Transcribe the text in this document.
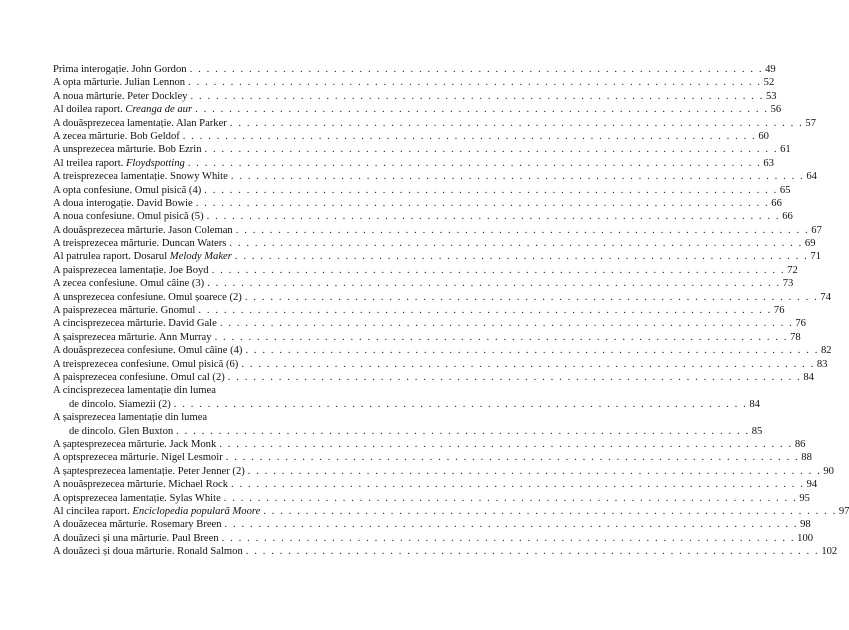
Prima interogație. John Gordon . . . . . . . . . . . . . . . . . . . . . . . . . . . . . . . . . . . . . . . . . . . . . . . . . . . . . . . . . . . . . . . . . . . . 49
A opta mărturie. Julian Lennon . . . . . . . . . . . . . . . . . . . . . . . . . . . . . . . . . . . . . . . . . . . . . . . . . . . . . . . . . . . . . . . . . . . . 52
A noua mărturie. Peter Dockley . . . . . . . . . . . . . . . . . . . . . . . . . . . . . . . . . . . . . . . . . . . . . . . . . . . . . . . . . . . . . . . . . . . . 53
Al doilea raport. Creanga de aur . . . . . . . . . . . . . . . . . . . . . . . . . . . . . . . . . . . . . . . . . . . . . . . . . . . . . . . . . . . . . . . . . . . . 56
A douăsprezecea lamentație. Alan Parker . . . . . . . . . . . . . . . . . . . . . . . . . . . . . . . . . . . . . . . . . . . . . . . . . . . . . . . . . . . . . . . . . . . . 57
A zecea mărturie. Bob Geldof . . . . . . . . . . . . . . . . . . . . . . . . . . . . . . . . . . . . . . . . . . . . . . . . . . . . . . . . . . . . . . . . . . . . 60
A unsprezecea mărturie. Bob Ezrin . . . . . . . . . . . . . . . . . . . . . . . . . . . . . . . . . . . . . . . . . . . . . . . . . . . . . . . . . . . . . . . . . . . . 61
Al treilea raport. Floydspotting . . . . . . . . . . . . . . . . . . . . . . . . . . . . . . . . . . . . . . . . . . . . . . . . . . . . . . . . . . . . . . . . . . . . 63
A treisprezecea lamentație. Snowy White . . . . . . . . . . . . . . . . . . . . . . . . . . . . . . . . . . . . . . . . . . . . . . . . . . . . . . . . . . . . . . . . . . . . 64
A opta confesiune. Omul pisică (4) . . . . . . . . . . . . . . . . . . . . . . . . . . . . . . . . . . . . . . . . . . . . . . . . . . . . . . . . . . . . . . . . . . . . 65
A doua interogație. David Bowie . . . . . . . . . . . . . . . . . . . . . . . . . . . . . . . . . . . . . . . . . . . . . . . . . . . . . . . . . . . . . . . . . . . . 66
A noua confesiune. Omul pisică (5) . . . . . . . . . . . . . . . . . . . . . . . . . . . . . . . . . . . . . . . . . . . . . . . . . . . . . . . . . . . . . . . . . . . . 66
A douăsprezecea mărturie. Jason Coleman . . . . . . . . . . . . . . . . . . . . . . . . . . . . . . . . . . . . . . . . . . . . . . . . . . . . . . . . . . . . . . . . . . . . 67
A treisprezecea mărturie. Duncan Waters . . . . . . . . . . . . . . . . . . . . . . . . . . . . . . . . . . . . . . . . . . . . . . . . . . . . . . . . . . . . . . . . . . . . 69
Al patrulea raport. Dosarul Melody Maker . . . . . . . . . . . . . . . . . . . . . . . . . . . . . . . . . . . . . . . . . . . . . . . . . . . . . . . . . . . . . . . . . . . . 71
A paisprezecea lamentație. Joe Boyd . . . . . . . . . . . . . . . . . . . . . . . . . . . . . . . . . . . . . . . . . . . . . . . . . . . . . . . . . . . . . . . . . . . . 72
A zecea confesiune. Omul câine (3) . . . . . . . . . . . . . . . . . . . . . . . . . . . . . . . . . . . . . . . . . . . . . . . . . . . . . . . . . . . . . . . . . . . . 73
A unsprezecea confesiune. Omul șoarece (2) . . . . . . . . . . . . . . . . . . . . . . . . . . . . . . . . . . . . . . . . . . . . . . . . . . . . . . . . . . . . . . . . . . . . 74
A paisprezecea mărturie. Gnomul . . . . . . . . . . . . . . . . . . . . . . . . . . . . . . . . . . . . . . . . . . . . . . . . . . . . . . . . . . . . . . . . . . . . 76
A cincisprezecea mărturie. David Gale . . . . . . . . . . . . . . . . . . . . . . . . . . . . . . . . . . . . . . . . . . . . . . . . . . . . . . . . . . . . . . . . . . . . 76
A șaisprezecea mărturie. Ann Murray . . . . . . . . . . . . . . . . . . . . . . . . . . . . . . . . . . . . . . . . . . . . . . . . . . . . . . . . . . . . . . . . . . . . 78
A douăsprezecea confesiune. Omul câine (4) . . . . . . . . . . . . . . . . . . . . . . . . . . . . . . . . . . . . . . . . . . . . . . . . . . . . . . . . . . . . . . . . . . . . 82
A treisprezecea confesiune. Omul pisică (6) . . . . . . . . . . . . . . . . . . . . . . . . . . . . . . . . . . . . . . . . . . . . . . . . . . . . . . . . . . . . . . . . . . . . 83
A paisprezecea confesiune. Omul cal (2) . . . . . . . . . . . . . . . . . . . . . . . . . . . . . . . . . . . . . . . . . . . . . . . . . . . . . . . . . . . . . . . . . . . . 84
A cincisprezecea lamentație din lumea
de dincolo. Siamezii (2) . . . . . . . . . . . . . . . . . . . . . . . . . . . . . . . . . . . . . . . . . . . . . . . . . . . . . . . . . . . . . . . . . . . . 84
A șaisprezecea lamentație din lumea
de dincolo. Glen Buxton . . . . . . . . . . . . . . . . . . . . . . . . . . . . . . . . . . . . . . . . . . . . . . . . . . . . . . . . . . . . . . . . . . . . 85
A șaptesprezecea mărturie. Jack Monk . . . . . . . . . . . . . . . . . . . . . . . . . . . . . . . . . . . . . . . . . . . . . . . . . . . . . . . . . . . . . . . . . . . . 86
A optsprezecea mărturie. Nigel Lesmoir . . . . . . . . . . . . . . . . . . . . . . . . . . . . . . . . . . . . . . . . . . . . . . . . . . . . . . . . . . . . . . . . . . . . 88
A șaptesprezecea lamentație. Peter Jenner (2) . . . . . . . . . . . . . . . . . . . . . . . . . . . . . . . . . . . . . . . . . . . . . . . . . . . . . . . . . . . . . . . . . . . . 90
A nouăsprezecea mărturie. Michael Rock . . . . . . . . . . . . . . . . . . . . . . . . . . . . . . . . . . . . . . . . . . . . . . . . . . . . . . . . . . . . . . . . . . . . 94
A optsprezecea lamentație. Sylas White . . . . . . . . . . . . . . . . . . . . . . . . . . . . . . . . . . . . . . . . . . . . . . . . . . . . . . . . . . . . . . . . . . . . 95
Al cincilea raport. Enciclopedia populară Moore . . . . . . . . . . . . . . . . . . . . . . . . . . . . . . . . . . . . . . . . . . . . . . . . . . . . . . . . . . . . . . . . . . . . 97
A douăzecea mărturie. Rosemary Breen . . . . . . . . . . . . . . . . . . . . . . . . . . . . . . . . . . . . . . . . . . . . . . . . . . . . . . . . . . . . . . . . . . . . 98
A douăzeci și una mărturie. Paul Breen . . . . . . . . . . . . . . . . . . . . . . . . . . . . . . . . . . . . . . . . . . . . . . . . . . . . . . . . . . . . . . . . . . . . 100
A douăzeci și doua mărturie. Ronald Salmon . . . . . . . . . . . . . . . . . . . . . . . . . . . . . . . . . . . . . . . . . . . . . . . . . . . . . . . . . . . . . . . . . . . . 102
